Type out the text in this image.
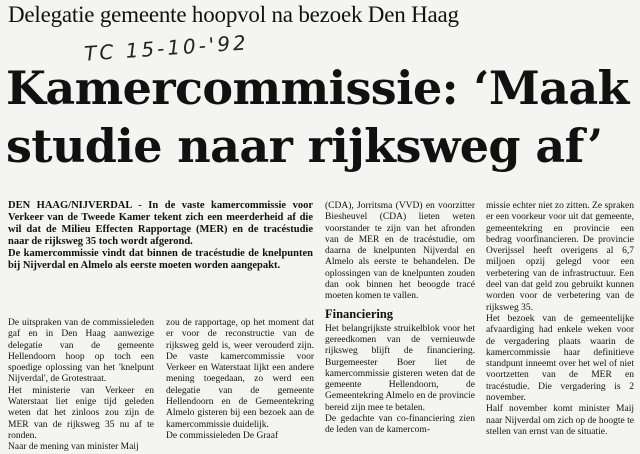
Delegatie gemeente hoopvol na bezoek Den Haag
TC 15-10-'92
Kamercommissie: ‘Maak
studie naar rijksweg af’

DEN HAAG/NIJVERDAL - In de vaste kamercommissie voor Verkeer van de Tweede Kamer tekent zich een meerderheid af die wil dat de Milieu Effecten Rapportage (MER) en de tracéstudie naar de rijksweg 35 toch wordt afgerond.

De kamercommissie vindt dat binnen de tracéstudie de knelpunten bij Nijverdal en Almelo als eerste moeten worden aangepakt.

De uitspraken van de commissieleden gaf en in Den Haag aanwezige delegatie van de gemeente Hellendoorn hoop op toch een spoedige oplossing van het 'knelpunt Nijverdal', de Grotestraat.

Het ministerie van Verkeer en Waterstaat liet enige tijd geleden weten dat het zinloos zou zijn de MER van de rijksweg 35 nu af te ronden.

Naar de mening van minister Maij

zou de rapportage, op het moment dat er voor de reconstructie van de rijksweg geld is, weer verouderd zijn. De vaste kamercommissie voor Verkeer en Waterstaat lijkt een andere mening toegedaan, zo werd een delegatie van de gemeente Hellendoorn en de Gemeentekring Almelo gisteren bij een bezoek aan de kamercommissie duidelijk.

De commissieleden De Graaf

(CDA), Jorritsma (VVD) en voorzitter Biesheuvel (CDA) lieten weten voorstander te zijn van het afronden van de MER en de tracéstudie, om daarna de knelpunten Nijverdal en Almelo als eerste te behandelen. De oplossingen van de knelpunten zouden dan ook binnen het beoogde tracé moeten komen te vallen.

Financiering

Het belangrijkste struikelblok voor het gereedkomen van de vernieuwde rijksweg blijft de financiering. Burgemeester Boer liet de kamercommissie gisteren weten dat de gemeente Hellendoorn, de Gemeentekring Almelo en de provincie bereid zijn mee te betalen.

De gedachte van co-financiering zien de leden van de kamercom-

missie echter niet zo zitten. Ze spraken er een voorkeur voor uit dat gemeente, gemeentekring en provincie een bedrag voorfinancieren. De provincie Overijssel heeft overigens al 6,7 miljoen opzij gelegd voor een verbetering van de infrastructuur. Een deel van dat geld zou gebruikt kunnen worden voor de verbetering van de rijksweg 35.

Het bezoek van de gemeentelijke afvaardiging had enkele weken voor de vergadering plaats waarin de kamercommissie haar definitieve standpunt inneemt over het wel of niet voortzetten van de MER en tracéstudie. Die vergadering is 2 november.

Half november komt minister Maij naar Nijverdal om zich op de hoogte te stellen van ernst van de situatie.
